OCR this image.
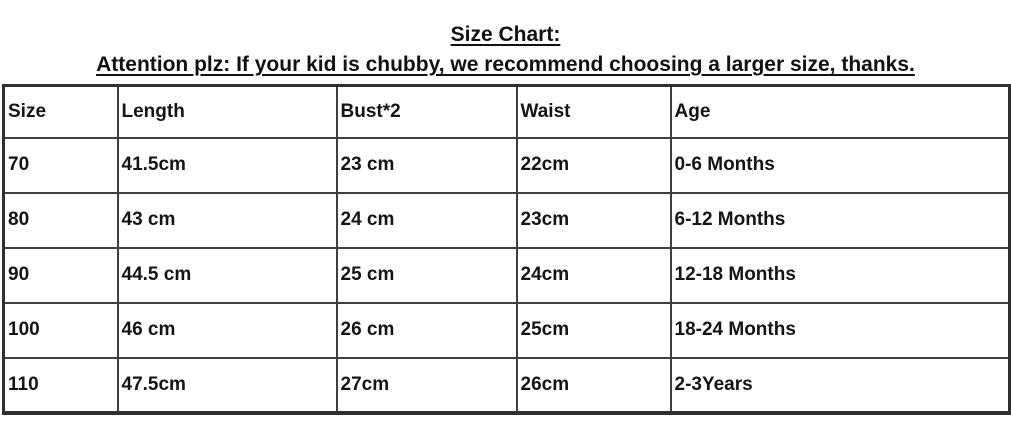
Size Chart:
Attention plz: If your kid is chubby, we recommend choosing a larger size, thanks.
Size	Length	Bust*2	Waist	Age
70	41.5cm	23 cm	22cm	0-6 Months
80	43 cm	24 cm	23cm	6-12 Months
90	44.5 cm	25 cm	24cm	12-18 Months
100	46 cm	26 cm	25cm	18-24 Months
110	47.5cm	27cm	26cm	2-3Years
